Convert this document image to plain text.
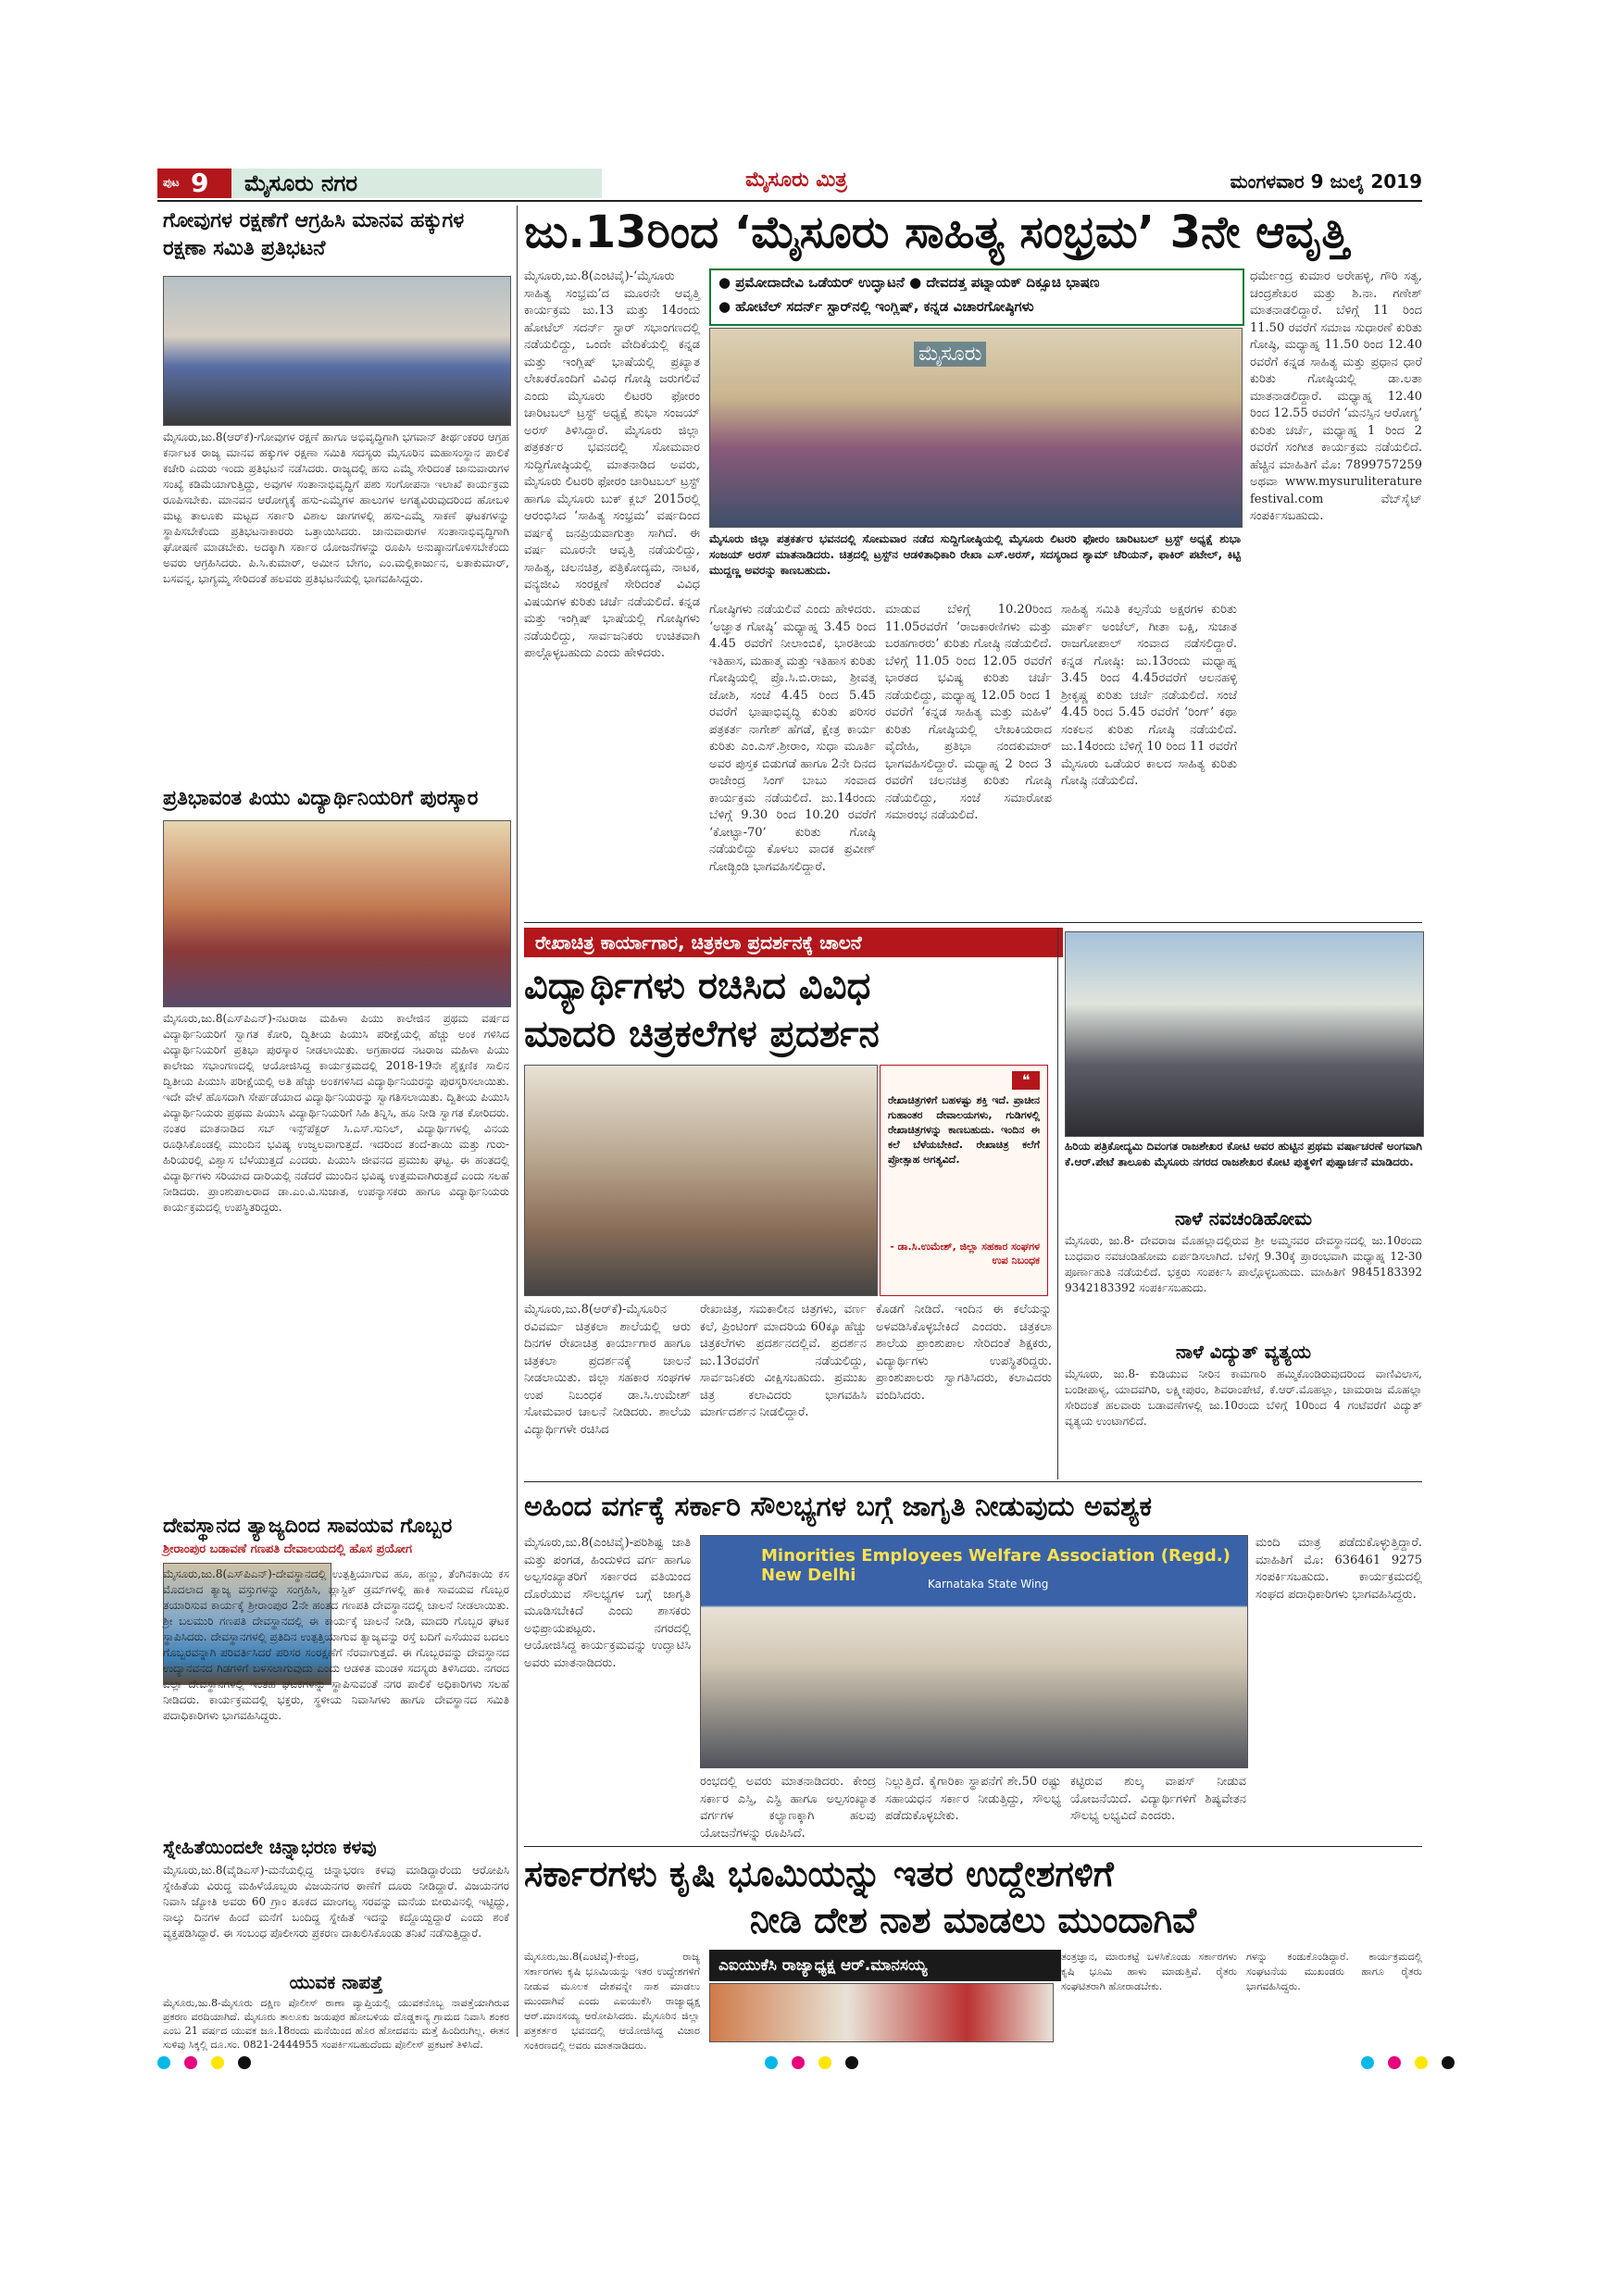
ಪುಟ 9 ಮೈಸೂರು ನಗರ	ಮೈಸೂರು ಮಿತ್ರ	ಮಂಗಳವಾರ 9 ಜುಲೈ 2019
ಗೋವುಗಳ ರಕ್ಷಣೆಗೆ ಆಗ್ರಹಿಸಿ ಮಾನವ ಹಕ್ಕುಗಳ ರಕ್ಷಣಾ ಸಮಿತಿ ಪ್ರತಿಭಟನೆ
ಮೈಸೂರು,ಜು.8(ಆರ್‌ಕೆ)-ಗೋವುಗಳ ರಕ್ಷಣೆ ಹಾಗೂ ಅಭಿವೃದ್ಧಿಗಾಗಿ ಭಗವಾನ್ ತೀರ್ಥಂಕರರ ಆಗ್ರಹ ಕರ್ನಾಟಕ ರಾಜ್ಯ ಮಾನವ ಹಕ್ಕುಗಳ ರಕ್ಷಣಾ ಸಮಿತಿ ಸದಸ್ಯರು ಮೈಸೂರಿನ ಮಹಾಸಂಸ್ಥಾನ ಪಾಲಿಕೆ ಕಚೇರಿ ಎದುರು ಇಂದು ಪ್ರತಿಭಟನೆ ನಡೆಸಿದರು. ರಾಜ್ಯದಲ್ಲಿ ಹಸು ಎಮ್ಮೆ ಸೇರಿದಂತೆ ಜಾನುವಾರುಗಳ ಸಂಖ್ಯೆ ಕಡಿಮೆಯಾಗುತ್ತಿದ್ದು, ಅವುಗಳ ಸಂತಾನಾಭಿವೃದ್ಧಿಗೆ ಪಶು ಸಂಗೋಪನಾ ಇಲಾಖೆ ಕಾರ್ಯಕ್ರಮ ರೂಪಿಸಬೇಕು. ಮಾನವನ ಆರೋಗ್ಯಕ್ಕೆ ಹಸು-ಎಮ್ಮೆಗಳ ಹಾಲುಗಳ ಅಗತ್ಯವಿರುವುದರಿಂದ ಹೋಬಳಿ ಮಟ್ಟ ತಾಲೂಕು ಮಟ್ಟದ ಸರ್ಕಾರಿ ವಿಶಾಲ ಜಾಗಗಳಲ್ಲಿ ಹಸು-ಎಮ್ಮೆ ಸಾಕಣೆ ಘಟಕಗಳನ್ನು ಸ್ಥಾಪಿಸಬೇಕೆಂದು ಪ್ರತಿಭಟನಾಕಾರರು ಒತ್ತಾಯಿಸಿದರು. ಜಾನುವಾರುಗಳ ಸಂತಾನಾಭಿವೃದ್ಧಿಗಾಗಿ ಘೋಷಣೆ ಮಾಡಬೇಕು. ಅದಕ್ಕಾಗಿ ಸರ್ಕಾರ ಯೋಜನೆಗಳನ್ನು ರೂಪಿಸಿ ಅನುಷ್ಠಾನಗೊಳಿಸಬೇಕೆಂದು ಅವರು ಆಗ್ರಹಿಸಿದರು. ಪಿ.ಸಿ.ಕುಮಾರ್, ಅಮೀನ ಬೇಗಂ, ಎಂ.ಮಲ್ಲಿಕಾರ್ಜುನ, ಲತಾಕುಮಾರ್, ಬಸವನ್ನ, ಭಾಗ್ಯಮ್ಮ ಸೇರಿದಂತೆ ಹಲವರು ಪ್ರತಿಭಟನೆಯಲ್ಲಿ ಭಾಗವಹಿಸಿದ್ದರು.
ಪ್ರತಿಭಾವಂತ ಪಿಯು ವಿದ್ಯಾರ್ಥಿನಿಯರಿಗೆ ಪುರಸ್ಕಾರ
ಮೈಸೂರು,ಜು.8(ಎಸ್‌ಪಿಎನ್)-ನಟರಾಜ ಮಹಿಳಾ ಪಿಯು ಕಾಲೇಜಿನ ಪ್ರಥಮ ವರ್ಷದ ವಿದ್ಯಾರ್ಥಿನಿಯರಿಗೆ ಸ್ವಾಗತ ಕೋರಿ, ದ್ವಿತೀಯ ಪಿಯುಸಿ ಪರೀಕ್ಷೆಯಲ್ಲಿ ಹೆಚ್ಚು ಅಂಕ ಗಳಿಸಿದ ವಿದ್ಯಾರ್ಥಿನಿಯರಿಗೆ ಪ್ರತಿಭಾ ಪುರಸ್ಕಾರ ನೀಡಲಾಯಿತು. ಅಗ್ರಹಾರದ ನಟರಾಜ ಮಹಿಳಾ ಪಿಯು ಕಾಲೇಜು ಸಭಾಂಗಣದಲ್ಲಿ ಆಯೋಜಿಸಿದ್ದ ಕಾರ್ಯಕ್ರಮದಲ್ಲಿ 2018-19ನೇ ಶೈಕ್ಷಣಿಕ ಸಾಲಿನ ದ್ವಿತೀಯ ಪಿಯುಸಿ ಪರೀಕ್ಷೆಯಲ್ಲಿ ಅತಿ ಹೆಚ್ಚು ಅಂಕಗಳಿಸಿದ ವಿದ್ಯಾರ್ಥಿನಿಯರನ್ನು ಪುರಸ್ಕರಿಸಲಾಯಿತು. ಇದೇ ವೇಳೆ ಹೊಸದಾಗಿ ಸೇರ್ಪಡೆಯಾದ ವಿದ್ಯಾರ್ಥಿನಿಯರನ್ನು ಸ್ವಾಗತಿಸಲಾಯಿತು. ದ್ವಿತೀಯ ಪಿಯುಸಿ ವಿದ್ಯಾರ್ಥಿನಿಯರು ಪ್ರಥಮ ಪಿಯುಸಿ ವಿದ್ಯಾರ್ಥಿನಿಯರಿಗೆ ಸಿಹಿ ತಿನ್ನಿಸಿ, ಹೂ ನೀಡಿ ಸ್ವಾಗತ ಕೋರಿದರು. ನಂತರ ಮಾತನಾಡಿದ ಸಬ್ ಇನ್ಸ್‌ಪೆಕ್ಟರ್ ಸಿ.ಎಸ್.ಸುನಿಲ್, ವಿದ್ಯಾರ್ಥಿಗಳಲ್ಲಿ ವಿನಯ ರೂಢಿಸಿಕೊಂಡಲ್ಲಿ ಮುಂದಿನ ಭವಿಷ್ಯ ಉಜ್ವಲವಾಗುತ್ತದೆ. ಇದರಿಂದ ತಂದೆ-ತಾಯಿ ಮತ್ತು ಗುರು-ಹಿರಿಯರಲ್ಲಿ ವಿಶ್ವಾಸ ಬೆಳೆಯುತ್ತದೆ ಎಂದರು. ಪಿಯುಸಿ ಜೀವನದ ಪ್ರಮುಖ ಘಟ್ಟ. ಈ ಹಂತದಲ್ಲಿ ವಿದ್ಯಾರ್ಥಿಗಳು ಸರಿಯಾದ ದಾರಿಯಲ್ಲಿ ನಡೆದರೆ ಮುಂದಿನ ಭವಿಷ್ಯ ಉತ್ತಮವಾಗಿರುತ್ತದೆ ಎಂದು ಸಲಹೆ ನೀಡಿದರು. ಪ್ರಾಂಶುಪಾಲರಾದ ಡಾ.ಎಂ.ವಿ.ಸುಜಾತ, ಉಪನ್ಯಾಸಕರು ಹಾಗೂ ವಿದ್ಯಾರ್ಥಿನಿಯರು ಕಾರ್ಯಕ್ರಮದಲ್ಲಿ ಉಪಸ್ಥಿತರಿದ್ದರು.
ದೇವಸ್ಥಾನದ ತ್ಯಾಜ್ಯದಿಂದ ಸಾವಯವ ಗೊಬ್ಬರ
ಶ್ರೀರಾಂಪುರ ಬಡಾವಣೆ ಗಣಪತಿ ದೇವಾಲಯದಲ್ಲಿ ಹೊಸ ಪ್ರಯೋಗ
ಮೈಸೂರು,ಜು.8(ಎಸ್‌ಪಿಎನ್)-ದೇವಸ್ಥಾನದಲ್ಲಿ ಉತ್ಪತ್ತಿಯಾಗುವ ಹೂ, ಹಣ್ಣು, ತೆಂಗಿನಕಾಯಿ ಕಸ ಮೊದಲಾದ ತ್ಯಾಜ್ಯ ವಸ್ತುಗಳನ್ನು ಸಂಗ್ರಹಿಸಿ, ಪ್ಲಾಸ್ಟಿಕ್ ಡ್ರಮ್‌ಗಳಲ್ಲಿ ಹಾಕಿ ಸಾವಯವ ಗೊಬ್ಬರ ತಯಾರಿಸುವ ಕಾರ್ಯಕ್ಕೆ ಶ್ರೀರಾಂಪುರ 2ನೇ ಹಂತದ ಗಣಪತಿ ದೇವಸ್ಥಾನದಲ್ಲಿ ಚಾಲನೆ ನೀಡಲಾಯಿತು. ಶ್ರೀ ಬಲಮುರಿ ಗಣಪತಿ ದೇವಸ್ಥಾನದಲ್ಲಿ ಈ ಕಾರ್ಯಕ್ಕೆ ಚಾಲನೆ ನೀಡಿ, ಮಾದರಿ ಗೊಬ್ಬರ ಘಟಕ ಸ್ಥಾಪಿಸಿದರು. ದೇವಸ್ಥಾನಗಳಲ್ಲಿ ಪ್ರತಿದಿನ ಉತ್ಪತ್ತಿಯಾಗುವ ತ್ಯಾಜ್ಯವನ್ನು ರಸ್ತೆ ಬದಿಗೆ ಎಸೆಯುವ ಬದಲು ಗೊಬ್ಬರವನ್ನಾಗಿ ಪರಿವರ್ತಿಸಿದರೆ ಪರಿಸರ ಸಂರಕ್ಷಣೆಗೆ ನೆರವಾಗುತ್ತದೆ. ಈ ಗೊಬ್ಬರವನ್ನು ದೇವಸ್ಥಾನದ ಉದ್ಯಾನವನದ ಗಿಡಗಳಿಗೆ ಬಳಸಲಾಗುವುದು ಎಂದು ಆಡಳಿತ ಮಂಡಳಿ ಸದಸ್ಯರು ತಿಳಿಸಿದರು. ನಗರದ ಎಲ್ಲಾ ದೇವಸ್ಥಾನಗಳಲ್ಲಿ ಇಂತಹ ಘಟಕಗಳನ್ನು ಸ್ಥಾಪಿಸುವಂತೆ ನಗರ ಪಾಲಿಕೆ ಅಧಿಕಾರಿಗಳು ಸಲಹೆ ನೀಡಿದರು. ಕಾರ್ಯಕ್ರಮದಲ್ಲಿ ಭಕ್ತರು, ಸ್ಥಳೀಯ ನಿವಾಸಿಗಳು ಹಾಗೂ ದೇವಸ್ಥಾನದ ಸಮಿತಿ ಪದಾಧಿಕಾರಿಗಳು ಭಾಗವಹಿಸಿದ್ದರು.
ಸ್ನೇಹಿತೆಯಿಂದಲೇ ಚಿನ್ನಾಭರಣ ಕಳವು
ಮೈಸೂರು,ಜು.8(ವೈಡಿಎಸ್)-ಮನೆಯಲ್ಲಿದ್ದ ಚಿನ್ನಾಭರಣ ಕಳವು ಮಾಡಿದ್ದಾರೆಂದು ಆರೋಪಿಸಿ ಸ್ನೇಹಿತೆಯ ವಿರುದ್ಧ ಮಹಿಳೆಯೊಬ್ಬರು ವಿಜಯನಗರ ಠಾಣೆಗೆ ದೂರು ನೀಡಿದ್ದಾರೆ. ವಿಜಯನಗರ ನಿವಾಸಿ ಜ್ಯೋತಿ ಅವರು 60 ಗ್ರಾಂ ತೂಕದ ಮಾಂಗಲ್ಯ ಸರವನ್ನು ಮನೆಯ ಬೀರುವಿನಲ್ಲಿ ಇಟ್ಟಿದ್ದು, ನಾಲ್ಕು ದಿನಗಳ ಹಿಂದೆ ಮನೆಗೆ ಬಂದಿದ್ದ ಸ್ನೇಹಿತೆ ಇದನ್ನು ಕದ್ದೊಯ್ದಿದ್ದಾರೆ ಎಂದು ಶಂಕೆ ವ್ಯಕ್ತಪಡಿಸಿದ್ದಾರೆ. ಈ ಸಂಬಂಧ ಪೊಲೀಸರು ಪ್ರಕರಣ ದಾಖಲಿಸಿಕೊಂಡು ತನಿಖೆ ನಡೆಸುತ್ತಿದ್ದಾರೆ.
ಯುವಕ ನಾಪತ್ತೆ
ಮೈಸೂರು,ಜು.8-ಮೈಸೂರು ದಕ್ಷಿಣ ಪೊಲೀಸ್ ಠಾಣಾ ವ್ಯಾಪ್ತಿಯಲ್ಲಿ ಯುವಕನೊಬ್ಬ ನಾಪತ್ತೆಯಾಗಿರುವ ಪ್ರಕರಣ ವರದಿಯಾಗಿದೆ. ಮೈಸೂರು ತಾಲೂಕು ಜಯಪುರ ಹೋಬಳಿಯ ದೊಡ್ಡಕಾನ್ಯ ಗ್ರಾಮದ ನಿವಾಸಿ ಶಂಕರ ಎಂಬ 21 ವರ್ಷದ ಯುವಕ ಜೂ.18ರಂದು ಮನೆಯಿಂದ ಹೊರ ಹೋದವನು ಮತ್ತೆ ಹಿಂದಿರುಗಿಲ್ಲ. ಈತನ ಸುಳಿವು ಸಿಕ್ಕಲ್ಲಿ ದೂ.ಸಂ. 0821-2444955 ಸಂಪರ್ಕಿಸಬಹುದೆಂದು ಪೊಲೀಸ್ ಪ್ರಕಟಣೆ ತಿಳಿಸಿದೆ.
ಜು.13ರಿಂದ ‘ಮೈಸೂರು ಸಾಹಿತ್ಯ ಸಂಭ್ರಮ’ 3ನೇ ಆವೃತ್ತಿ
ಮೈಸೂರು,ಜು.8(ಎಂಟಿವೈ)-‘ಮೈಸೂರು ಸಾಹಿತ್ಯ ಸಂಭ್ರಮ’ದ ಮೂರನೇ ಆವೃತ್ತಿ ಕಾರ್ಯಕ್ರಮ ಜು.13 ಮತ್ತು 14ರಂದು ಹೋಟೆಲ್ ಸದರ್ನ್ ಸ್ಟಾರ್ ಸಭಾಂಗಣದಲ್ಲಿ ನಡೆಯಲಿದ್ದು, ಒಂದೇ ವೇದಿಕೆಯಲ್ಲಿ ಕನ್ನಡ ಮತ್ತು ಇಂಗ್ಲಿಷ್ ಭಾಷೆಯಲ್ಲಿ ಪ್ರಖ್ಯಾತ ಲೇಖಕರೊಂದಿಗೆ ವಿವಿಧ ಗೋಷ್ಠಿ ಜರುಗಲಿವೆ ಎಂದು ಮೈಸೂರು ಲಿಟರರಿ ಫೋರಂ ಚಾರಿಟಬಲ್ ಟ್ರಸ್ಟ್ ಅಧ್ಯಕ್ಷೆ ಶುಭಾ ಸಂಜಯ್ ಅರಸ್ ತಿಳಿಸಿದ್ದಾರೆ. ಮೈಸೂರು ಜಿಲ್ಲಾ ಪತ್ರಕರ್ತರ ಭವನದಲ್ಲಿ ಸೋಮವಾರ ಸುದ್ದಿಗೋಷ್ಠಿಯಲ್ಲಿ ಮಾತನಾಡಿದ ಅವರು, ಮೈಸೂರು ಲಿಟರರಿ ಫೋರಂ ಚಾರಿಟಬಲ್ ಟ್ರಸ್ಟ್ ಹಾಗೂ ಮೈಸೂರು ಬುಕ್ ಕ್ಲಬ್ 2015ರಲ್ಲಿ ಆರಂಭಿಸಿದ ‘ಸಾಹಿತ್ಯ ಸಂಭ್ರಮ’ ವರ್ಷದಿಂದ ವರ್ಷಕ್ಕೆ ಜನಪ್ರಿಯವಾಗುತ್ತಾ ಸಾಗಿದೆ. ಈ ವರ್ಷ ಮೂರನೇ ಆವೃತ್ತಿ ನಡೆಯಲಿದ್ದು, ಸಾಹಿತ್ಯ, ಚಲನಚಿತ್ರ, ಪತ್ರಿಕೋದ್ಯಮ, ನಾಟಕ, ವನ್ಯಜೀವಿ ಸಂರಕ್ಷಣೆ ಸೇರಿದಂತೆ ವಿವಿಧ ವಿಷಯಗಳ ಕುರಿತು ಚರ್ಚೆ ನಡೆಯಲಿದೆ. ಕನ್ನಡ ಮತ್ತು ಇಂಗ್ಲಿಷ್ ಭಾಷೆಯಲ್ಲಿ ಗೋಷ್ಠಿಗಳು ನಡೆಯಲಿದ್ದು, ಸಾರ್ವಜನಿಕರು ಉಚಿತವಾಗಿ ಪಾಲ್ಗೊಳ್ಳಬಹುದು ಎಂದು ಹೇಳಿದರು.
● ಪ್ರಮೋದಾದೇವಿ ಒಡೆಯರ್ ಉದ್ಘಾಟನೆ ● ದೇವದತ್ತ ಪಟ್ನಾಯಕ್ ದಿಕ್ಸೂಚಿ ಭಾಷಣ
● ಹೋಟೆಲ್ ಸದರ್ನ್ ಸ್ಟಾರ್‌ನಲ್ಲಿ ಇಂಗ್ಲಿಷ್, ಕನ್ನಡ ವಿಚಾರಗೋಷ್ಠಿಗಳು
ಮೈಸೂರು
ಮೈಸೂರು ಜಿಲ್ಲಾ ಪತ್ರಕರ್ತರ ಭವನದಲ್ಲಿ ಸೋಮವಾರ ನಡೆದ ಸುದ್ದಿಗೋಷ್ಠಿಯಲ್ಲಿ ಮೈಸೂರು ಲಿಟರರಿ ಫೋರಂ ಚಾರಿಟಬಲ್ ಟ್ರಸ್ಟ್ ಅಧ್ಯಕ್ಷೆ ಶುಭಾ ಸಂಜಯ್ ಅರಸ್ ಮಾತನಾಡಿದರು. ಚಿತ್ರದಲ್ಲಿ ಟ್ರಸ್ಟ್‌ನ ಆಡಳಿತಾಧಿಕಾರಿ ರೇಖಾ ಎಸ್.ಅರಸ್, ಸದಸ್ಯರಾದ ಶ್ಯಾಮ್ ಚೆರಿಯನ್, ಫಾಕಿರ್ ಪಟೇಲ್, ಕಿಟ್ಟಿ ಮುದ್ದಣ್ಣ ಅವರನ್ನು ಕಾಣಬಹುದು.
ಗೋಷ್ಠಿಗಳು ನಡೆಯಲಿವೆ ಎಂದು ಹೇಳಿದರು. ‘ಅಜ್ಞಾತ ಗೋಷ್ಠಿ’ ಮಧ್ಯಾಹ್ನ 3.45 ರಿಂದ 4.45 ರವರೆಗೆ ನೀಲಾಂಬಿಕೆ, ಭಾರತೀಯ ಇತಿಹಾಸ, ಮಹಾತ್ಮ ಮತ್ತು ಇತಿಹಾಸ ಕುರಿತು ಗೋಷ್ಠಿಯಲ್ಲಿ ಪ್ರೊ.ಸಿ.ಬಿ.ರಾಜು, ಶ್ರೀವತ್ಸ ಜೋಶಿ, ಸಂಜೆ 4.45 ರಿಂದ 5.45 ರವರೆಗೆ ಭಾಷಾಭಿವೃದ್ಧಿ ಕುರಿತು ಪರಿಸರ ಪತ್ರಕರ್ತ ನಾಗೇಶ್ ಹೆಗಡೆ, ಕ್ಷೇತ್ರ ಕಾರ್ಯ ಕುರಿತು ಎಂ.ಎಸ್.ಶ್ರೀರಾಂ, ಸುಧಾ ಮೂರ್ತಿ ಅವರ ಪುಸ್ತಕ ಬಿಡುಗಡೆ ಹಾಗೂ 2ನೇ ದಿನದ ರಾಜೇಂದ್ರ ಸಿಂಗ್ ಬಾಬು ಸಂವಾದ ಕಾರ್ಯಕ್ರಮ ನಡೆಯಲಿದೆ. ಜು.14ರಂದು ಬೆಳಿಗ್ಗೆ 9.30 ರಿಂದ 10.20 ರವರೆಗೆ ‘ಕೋಟ್ಟಾ-70’ ಕುರಿತು ಗೋಷ್ಠಿ ನಡೆಯಲಿದ್ದು ಕೊಳಲು ವಾದಕ ಪ್ರವೀಣ್ ಗೋಡ್ಖಿಂಡಿ ಭಾಗವಹಿಸಲಿದ್ದಾರೆ.
ಮಾಡುವ ಬೆಳಿಗ್ಗೆ 10.20ರಿಂದ 11.05ರವರೆಗೆ ‘ರಾಜಕಾರಣಿಗಳು ಮತ್ತು ಬರಹಗಾರರು’ ಕುರಿತು ಗೋಷ್ಠಿ ನಡೆಯಲಿದೆ. ಬೆಳಿಗ್ಗೆ 11.05 ರಿಂದ 12.05 ರವರೆಗೆ ಭಾರತದ ಭವಿಷ್ಯ ಕುರಿತು ಚರ್ಚೆ ನಡೆಯಲಿದ್ದು, ಮಧ್ಯಾಹ್ನ 12.05 ರಿಂದ 1 ರವರೆಗೆ ‘ಕನ್ನಡ ಸಾಹಿತ್ಯ ಮತ್ತು ಮಹಿಳೆ’ ಕುರಿತು ಗೋಷ್ಠಿಯಲ್ಲಿ ಲೇಖಕಿಯರಾದ ವೈದೇಹಿ, ಪ್ರತಿಭಾ ನಂದಕುಮಾರ್ ಭಾಗವಹಿಸಲಿದ್ದಾರೆ. ಮಧ್ಯಾಹ್ನ 2 ರಿಂದ 3 ರವರೆಗೆ ಚಲನಚಿತ್ರ ಕುರಿತು ಗೋಷ್ಠಿ ನಡೆಯಲಿದ್ದು, ಸಂಜೆ ಸಮಾರೋಪ ಸಮಾರಂಭ ನಡೆಯಲಿದೆ.
ಸಾಹಿತ್ಯ ಸಮಿತಿ ಕಲ್ಪನೆಯ ಅಕ್ಷರಗಳ ಕುರಿತು ಮಾರ್ಕ್ ಅಂಜೆಲ್, ಗೀತಾ ಬಕ್ಷಿ, ಸುಜಾತ ರಾಜಗೋಪಾಲ್ ಸಂವಾದ ನಡೆಸಲಿದ್ದಾರೆ. ಕನ್ನಡ ಗೋಷ್ಠಿ: ಜು.13ರಂದು ಮಧ್ಯಾಹ್ನ 3.45 ರಿಂದ 4.45ರವರೆಗೆ ಆಲನಹಳ್ಳಿ ಶ್ರೀಕೃಷ್ಣ ಕುರಿತು ಚರ್ಚೆ ನಡೆಯಲಿದೆ. ಸಂಜೆ 4.45 ರಿಂದ 5.45 ರವರೆಗೆ ‘ರಿಂಗ್’ ಕಥಾ ಸಂಕಲನ ಕುರಿತು ಗೋಷ್ಠಿ ನಡೆಯಲಿದೆ. ಜು.14ರಂದು ಬೆಳಿಗ್ಗೆ 10 ರಿಂದ 11 ರವರೆಗೆ ಮೈಸೂರು ಒಡೆಯರ ಕಾಲದ ಸಾಹಿತ್ಯ ಕುರಿತು ಗೋಷ್ಠಿ ನಡೆಯಲಿದೆ.
ಧರ್ಮೇಂದ್ರ ಕುಮಾರ ಅರೇಹಳ್ಳಿ, ಗೌರಿ ಸತ್ಯ, ಚಂದ್ರಶೇಖರ ಮತ್ತು ಶಿ.ನಾ. ಗಣೇಶ್ ಮಾತನಾಡಲಿದ್ದಾರೆ. ಬೆಳಿಗ್ಗೆ 11 ರಿಂದ 11.50 ರವರೆಗೆ ಸಮಾಜ ಸುಧಾರಣೆ ಕುರಿತು ಗೋಷ್ಠಿ, ಮಧ್ಯಾಹ್ನ 11.50 ರಿಂದ 12.40 ರವರೆಗೆ ಕನ್ನಡ ಸಾಹಿತ್ಯ ಮತ್ತು ಪ್ರಧಾನ ಧಾರೆ ಕುರಿತು ಗೋಷ್ಠಿಯಲ್ಲಿ ಡಾ.ಲತಾ ಮಾತನಾಡಲಿದ್ದಾರೆ. ಮಧ್ಯಾಹ್ನ 12.40 ರಿಂದ 12.55 ರವರೆಗೆ ‘ಮನಸ್ಸಿನ ಆರೋಗ್ಯ’ ಕುರಿತು ಚರ್ಚೆ, ಮಧ್ಯಾಹ್ನ 1 ರಿಂದ 2 ರವರೆಗೆ ಸಂಗೀತ ಕಾರ್ಯಕ್ರಮ ನಡೆಯಲಿದೆ. ಹೆಚ್ಚಿನ ಮಾಹಿತಿಗೆ ಮೊ: 7899757259 ಅಥವಾ www.mysuruliterature festival.com ವೆಬ್‌ಸೈಟ್ ಸಂಪರ್ಕಿಸಬಹುದು.
ರೇಖಾಚಿತ್ರ ಕಾರ್ಯಾಗಾರ, ಚಿತ್ರಕಲಾ ಪ್ರದರ್ಶನಕ್ಕೆ ಚಾಲನೆ
ವಿದ್ಯಾರ್ಥಿಗಳು ರಚಿಸಿದ ವಿವಿಧ
ಮಾದರಿ ಚಿತ್ರಕಲೆಗಳ ಪ್ರದರ್ಶನ
❝
ರೇಖಾಚಿತ್ರಗಳಿಗೆ ಬಹಳಷ್ಟು ಶಕ್ತಿ ಇದೆ. ಪ್ರಾಚೀನ ಗುಹಾಂತರ ದೇವಾಲಯಗಳು, ಗುಡಿಗಳಲ್ಲಿ ರೇಖಾಚಿತ್ರಗಳನ್ನು ಕಾಣಬಹುದು. ಇಂದಿನ ಈ ಕಲೆ ಬೆಳೆಯಬೇಕಿದೆ. ರೇಖಾಚಿತ್ರ ಕಲೆಗೆ ಪ್ರೋತ್ಸಾಹ ಅಗತ್ಯವಿದೆ.
- ಡಾ.ಸಿ.ಉಮೇಶ್, ಜಿಲ್ಲಾ ಸಹಕಾರ ಸಂಘಗಳ ಉಪ ನಿಬಂಧಕ
ಮೈಸೂರು,ಜು.8(ಆರ್‌ಕೆ)-ಮೈಸೂರಿನ ರವಿವರ್ಮ ಚಿತ್ರಕಲಾ ಶಾಲೆಯಲ್ಲಿ ಆರು ದಿನಗಳ ರೇಖಾಚಿತ್ರ ಕಾರ್ಯಾಗಾರ ಹಾಗೂ ಚಿತ್ರಕಲಾ ಪ್ರದರ್ಶನಕ್ಕೆ ಚಾಲನೆ ನೀಡಲಾಯಿತು. ಜಿಲ್ಲಾ ಸಹಕಾರ ಸಂಘಗಳ ಉಪ ನಿಬಂಧಕ ಡಾ.ಸಿ.ಉಮೇಶ್ ಸೋಮವಾರ ಚಾಲನೆ ನೀಡಿದರು. ಶಾಲೆಯ ವಿದ್ಯಾರ್ಥಿಗಳೇ ರಚಿಸಿದ
ರೇಖಾಚಿತ್ರ, ಸಮಕಾಲೀನ ಚಿತ್ರಗಳು, ವರ್ಣ ಕಲೆ, ಪ್ರಿಂಟಿಂಗ್ ಮಾದರಿಯ 60ಕ್ಕೂ ಹೆಚ್ಚು ಚಿತ್ರಕಲೆಗಳು ಪ್ರದರ್ಶನದಲ್ಲಿವೆ. ಪ್ರದರ್ಶನ ಜು.13ರವರೆಗೆ ನಡೆಯಲಿದ್ದು, ಸಾರ್ವಜನಿಕರು ವೀಕ್ಷಿಸಬಹುದು. ಪ್ರಮುಖ ಚಿತ್ರ ಕಲಾವಿದರು ಭಾಗವಹಿಸಿ ಮಾರ್ಗದರ್ಶನ ನೀಡಲಿದ್ದಾರೆ.
ಕೊಡಗೆ ನೀಡಿದೆ. ಇಂದಿನ ಈ ಕಲೆಯನ್ನು ಅಳವಡಿಸಿಕೊಳ್ಳಬೇಕಿದೆ ಎಂದರು. ಚಿತ್ರಕಲಾ ಶಾಲೆಯ ಪ್ರಾಂಶುಪಾಲ ಸೇರಿದಂತೆ ಶಿಕ್ಷಕರು, ವಿದ್ಯಾರ್ಥಿಗಳು ಉಪಸ್ಥಿತರಿದ್ದರು. ಪ್ರಾಂಶುಪಾಲರು ಸ್ವಾಗತಿಸಿದರು, ಕಲಾವಿದರು ವಂದಿಸಿದರು.
ಹಿರಿಯ ಪತ್ರಿಕೋದ್ಯಮಿ ದಿವಂಗತ ರಾಜಶೇಖರ ಕೋಟಿ ಅವರ ಹುಟ್ಟಿನ ಪ್ರಥಮ ವರ್ಷಾಚರಣೆ ಅಂಗವಾಗಿ ಕೆ.ಆರ್.ಪೇಟೆ ತಾಲೂಕು ಮೈಸೂರು ನಗರದ ರಾಜಶೇಖರ ಕೋಟಿ ಪುತ್ಥಳಿಗೆ ಪುಷ್ಪಾರ್ಚನೆ ಮಾಡಿದರು.
ನಾಳೆ ನವಚಂಡಿಹೋಮ
ಮೈಸೂರು, ಜು.8- ದೇವರಾಜ ಮೊಹಲ್ಲಾದಲ್ಲಿರುವ ಶ್ರೀ ಅಮ್ಮನವರ ದೇವಸ್ಥಾನದಲ್ಲಿ ಜು.10ರಂದು ಬುಧವಾರ ನವಚಂಡಿಹೋಮ ಏರ್ಪಡಿಸಲಾಗಿದೆ. ಬೆಳಿಗ್ಗೆ 9.30ಕ್ಕೆ ಪ್ರಾರಂಭವಾಗಿ ಮಧ್ಯಾಹ್ನ 12-30 ಪೂರ್ಣಾಹುತಿ ನಡೆಯಲಿದೆ. ಭಕ್ತರು ಸಂಪರ್ಕಿಸಿ ಪಾಲ್ಗೊಳ್ಳಬಹುದು. ಮಾಹಿತಿಗೆ 9845183392 9342183392 ಸಂಪರ್ಕಿಸಬಹುದು.
ನಾಳೆ ವಿದ್ಯುತ್ ವ್ಯತ್ಯಯ
ಮೈಸೂರು, ಜು.8- ಕುಡಿಯುವ ನೀರಿನ ಕಾಮಗಾರಿ ಹಮ್ಮಿಕೊಂಡಿರುವುದರಿಂದ ವಾಣಿವಿಲಾಸ, ಬಂಡೀಪಾಳ್ಯ, ಯಾದವಗಿರಿ, ಲಕ್ಷ್ಮೀಪುರಂ, ಶಿವರಾಂಪೇಟೆ, ಕೆ.ಆರ್.ಮೊಹಲ್ಲಾ, ಚಾಮರಾಜ ಮೊಹಲ್ಲಾ ಸೇರಿದಂತೆ ಹಲವಾರು ಬಡಾವಣೆಗಳಲ್ಲಿ ಜು.10ರಂದು ಬೆಳಿಗ್ಗೆ 10ರಿಂದ 4 ಗಂಟೆವರೆಗೆ ವಿದ್ಯುತ್ ವ್ಯತ್ಯಯ ಉಂಟಾಗಲಿದೆ.
ಅಹಿಂದ ವರ್ಗಕ್ಕೆ ಸರ್ಕಾರಿ ಸೌಲಭ್ಯಗಳ ಬಗ್ಗೆ ಜಾಗೃತಿ ನೀಡುವುದು ಅವಶ್ಯಕ
ಮೈಸೂರು,ಜು.8(ಎಂಟಿವೈ)-ಪರಿಶಿಷ್ಟ ಜಾತಿ ಮತ್ತು ಪಂಗಡ, ಹಿಂದುಳಿದ ವರ್ಗ ಹಾಗೂ ಅಲ್ಪಸಂಖ್ಯಾತರಿಗೆ ಸರ್ಕಾರದ ವತಿಯಿಂದ ದೊರೆಯುವ ಸೌಲಭ್ಯಗಳ ಬಗ್ಗೆ ಜಾಗೃತಿ ಮೂಡಿಸಬೇಕಿದೆ ಎಂದು ಶಾಸಕರು ಅಭಿಪ್ರಾಯಪಟ್ಟರು. ನಗರದಲ್ಲಿ ಆಯೋಜಿಸಿದ್ದ ಕಾರ್ಯಕ್ರಮವನ್ನು ಉದ್ಘಾಟಿಸಿ ಅವರು ಮಾತನಾಡಿದರು.
Minorities Employees Welfare Association (Regd.) New Delhi	Karnataka State Wing
ರಂಭದಲ್ಲಿ ಅವರು ಮಾತನಾಡಿದರು. ಕೇಂದ್ರ ಸರ್ಕಾರ ಎಸ್ಸಿ, ಎಸ್ಟಿ ಹಾಗೂ ಅಲ್ಪಸಂಖ್ಯಾತ ವರ್ಗಗಳ ಕಲ್ಯಾಣಕ್ಕಾಗಿ ಹಲವು ಯೋಜನೆಗಳನ್ನು ರೂಪಿಸಿದೆ.
ನಿಲ್ಲುತ್ತಿದೆ. ಕೈಗಾರಿಕಾ ಸ್ಥಾಪನೆಗೆ ಶೇ.50 ರಷ್ಟು ಸಹಾಯಧನ ಸರ್ಕಾರ ನೀಡುತ್ತಿದ್ದು, ಸೌಲಭ್ಯ ಪಡೆದುಕೊಳ್ಳಬೇಕು.
ಕಟ್ಟಿರುವ ಶುಲ್ಕ ವಾಪಸ್ ನೀಡುವ ಯೋಜನೆಯಿದೆ. ವಿದ್ಯಾರ್ಥಿಗಳಿಗೆ ಶಿಷ್ಯವೇತನ ಸೌಲಭ್ಯ ಲಭ್ಯವಿದೆ ಎಂದರು.
ಮಂದಿ ಮಾತ್ರ ಪಡೆದುಕೊಳ್ಳುತ್ತಿದ್ದಾರೆ. ಮಾಹಿತಿಗೆ ಮೊ: 636461 9275 ಸಂಪರ್ಕಿಸಬಹುದು. ಕಾರ್ಯಕ್ರಮದಲ್ಲಿ ಸಂಘದ ಪದಾಧಿಕಾರಿಗಳು ಭಾಗವಹಿಸಿದ್ದರು.
ಸರ್ಕಾರಗಳು ಕೃಷಿ ಭೂಮಿಯನ್ನು ಇತರ ಉದ್ದೇಶಗಳಿಗೆ
ನೀಡಿ ದೇಶ ನಾಶ ಮಾಡಲು ಮುಂದಾಗಿವೆ
ಮೈಸೂರು,ಜು.8(ಎಂಟಿವೈ)-ಕೇಂದ್ರ, ರಾಜ್ಯ ಸರ್ಕಾರಗಳು ಕೃಷಿ ಭೂಮಿಯನ್ನು ಇತರ ಉದ್ದೇಶಗಳಿಗೆ ನೀಡುವ ಮೂಲಕ ದೇಶವನ್ನೇ ನಾಶ ಮಾಡಲು ಮುಂದಾಗಿವೆ ಎಂದು ಎಐಯುಕೆಸಿ ರಾಜ್ಯಾಧ್ಯಕ್ಷ ಆರ್.ಮಾನಸಯ್ಯ ಆರೋಪಿಸಿದರು. ಮೈಸೂರಿನ ಜಿಲ್ಲಾ ಪತ್ರಕರ್ತರ ಭವನದಲ್ಲಿ ಆಯೋಜಿಸಿದ್ದ ವಿಚಾರ ಸಂಕಿರಣದಲ್ಲಿ ಅವರು ಮಾತನಾಡಿದರು.
ಎಐಯುಕೆಸಿ ರಾಜ್ಯಾಧ್ಯಕ್ಷ ಆರ್.ಮಾನಸಯ್ಯ	ತಂತ್ರಜ್ಞಾನ, ಮಾರುಕಟ್ಟೆ ಬಳಸಿಕೊಂಡು ಸರ್ಕಾರಗಳು ಕೃಷಿ ಭೂಮಿ ಹಾಳು ಮಾಡುತ್ತಿವೆ. ರೈತರು ಸಂಘಟಿತರಾಗಿ ಹೋರಾಡಬೇಕು.
ಗಳನ್ನು ಕಂಡುಕೊಂಡಿದ್ದಾರೆ. ಕಾರ್ಯಕ್ರಮದಲ್ಲಿ ಸಂಘಟನೆಯ ಮುಖಂಡರು ಹಾಗೂ ರೈತರು ಭಾಗವಹಿಸಿದ್ದರು.
